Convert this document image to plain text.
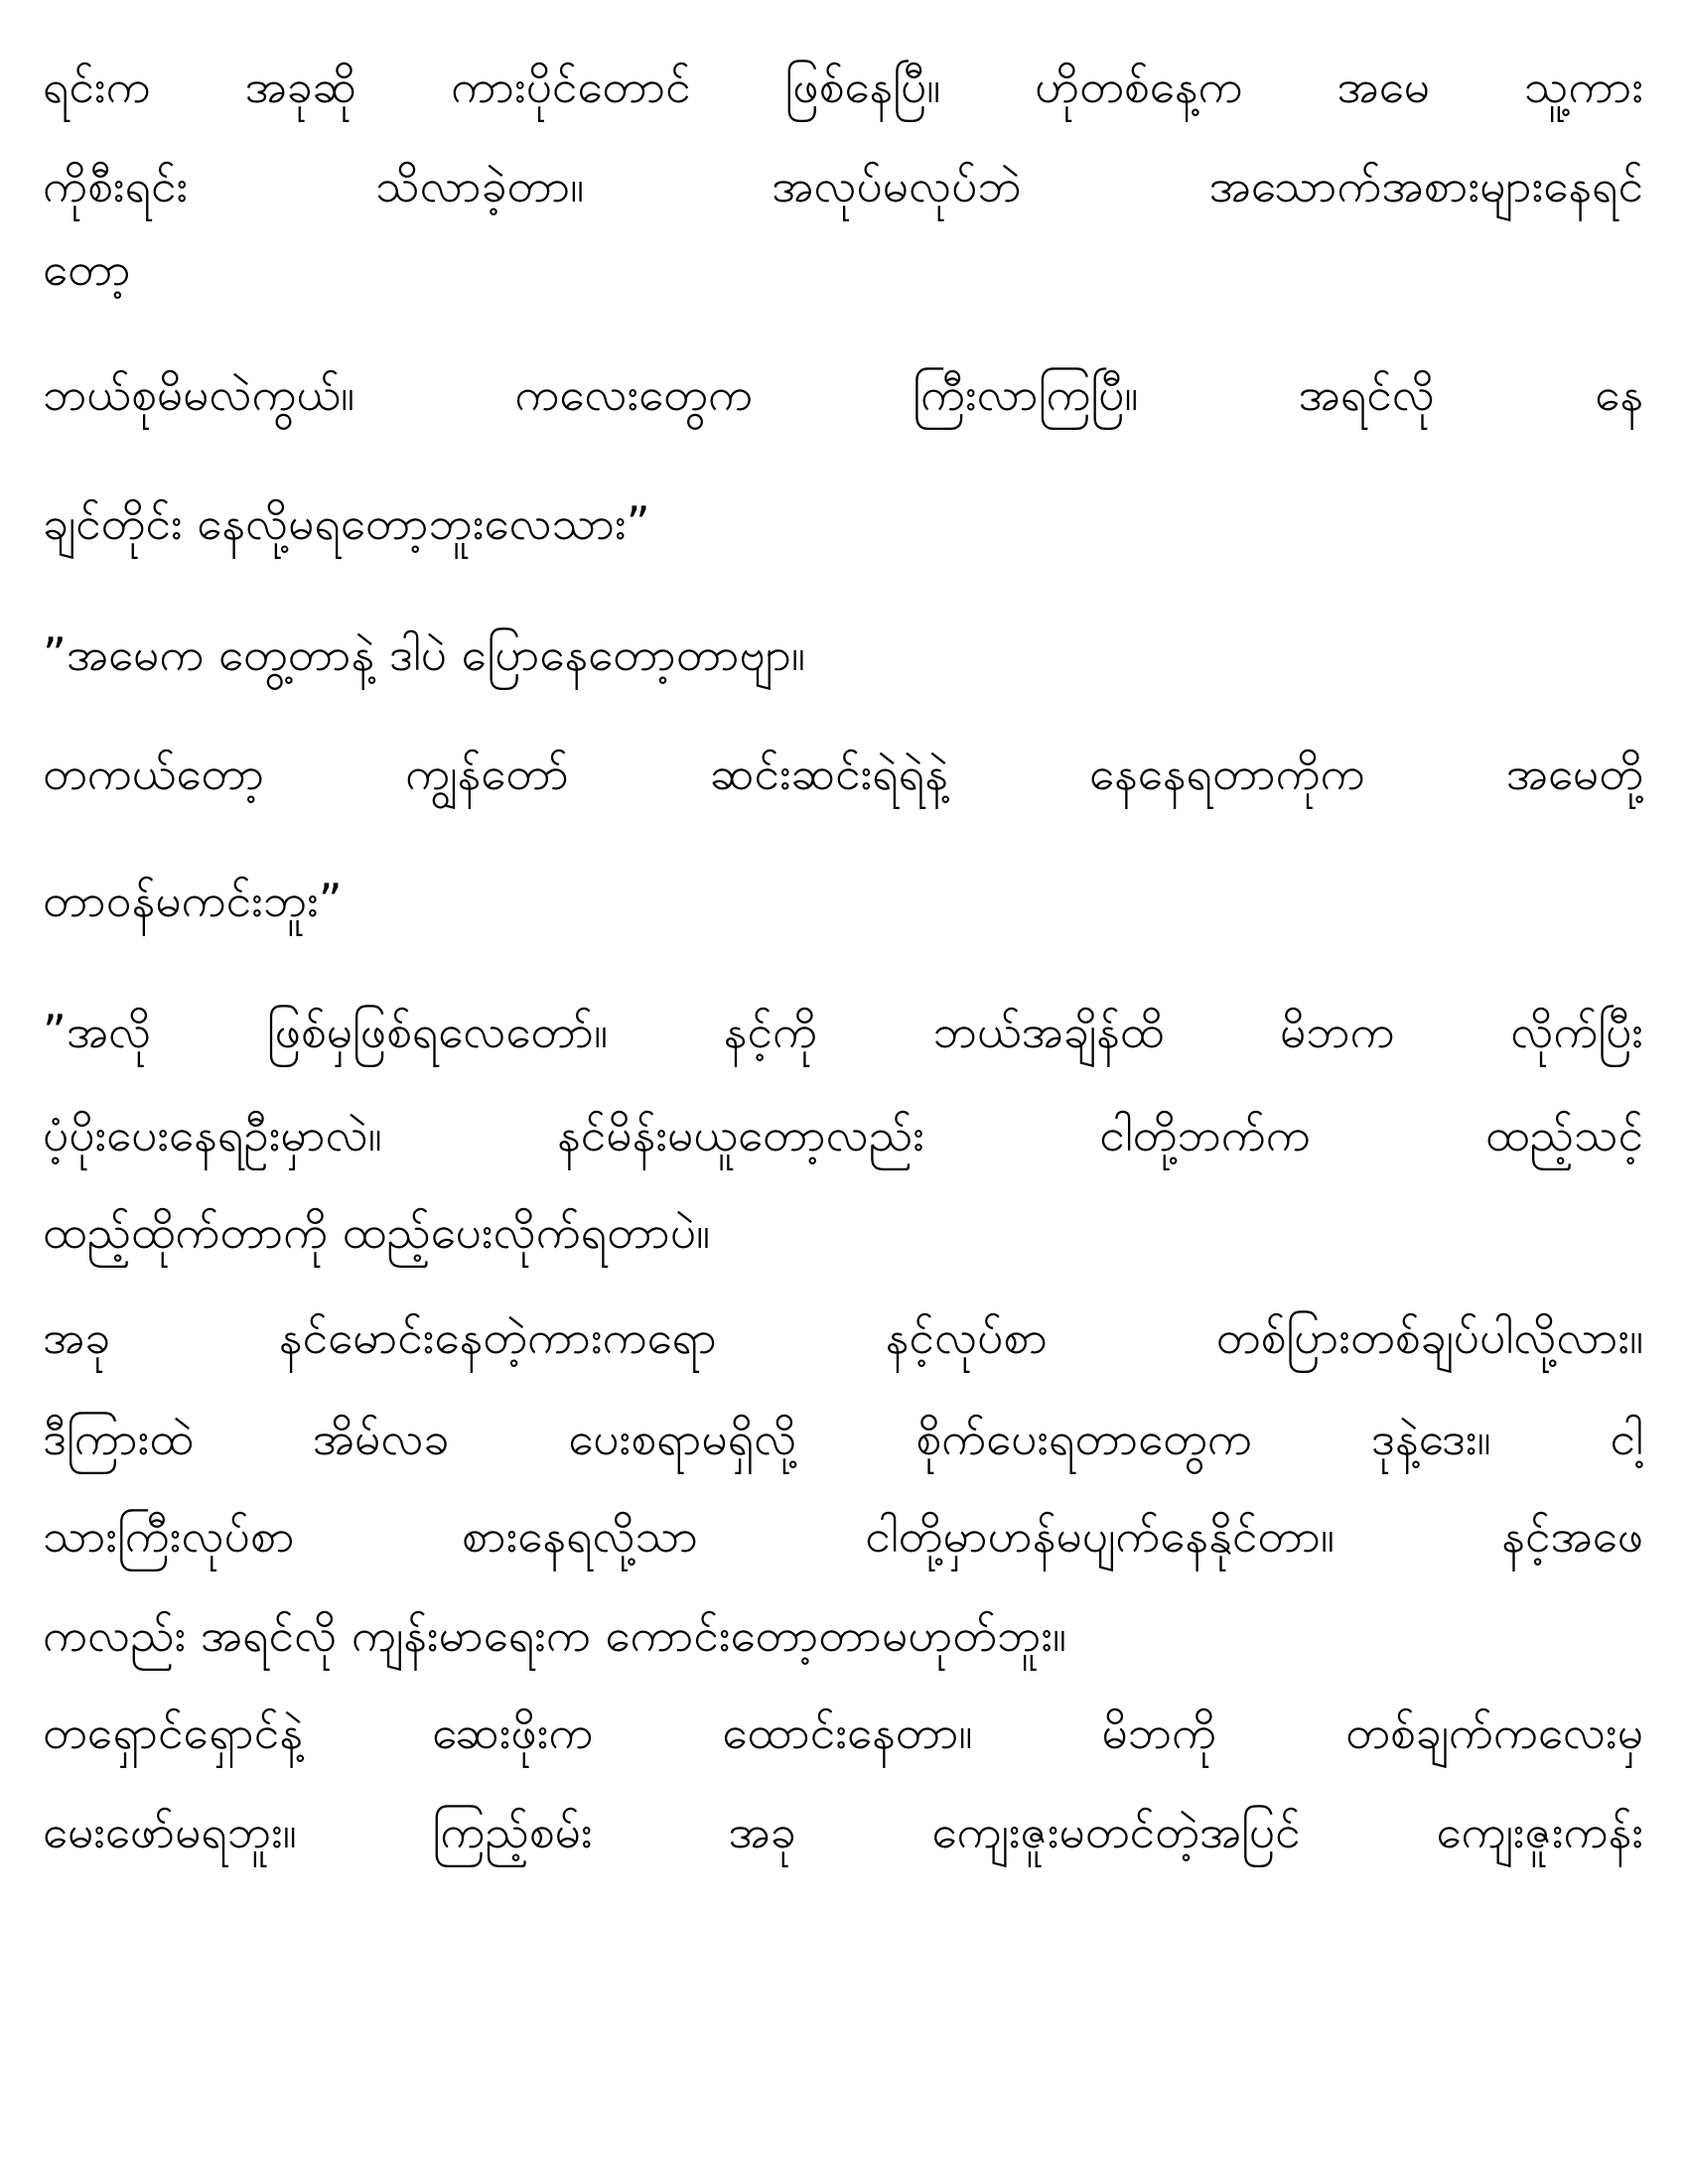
ရင်းက အခုဆို ကားပိုင်တောင် ဖြစ်နေပြီ။ ဟိုတစ်နေ့က အမေ သူ့ကား

ကိုစီးရင်း သိလာခဲ့တာ။ အလုပ်မလုပ်ဘဲ အသောက်အစားများနေရင်

တော့

ဘယ်စုမိမလဲကွယ်။ ကလေးတွေက ကြီးလာကြပြီ။ အရင်လို နေ

ချင်တိုင်း နေလို့မရတော့ဘူးလေသား”

”အမေက တွေ့တာနဲ့ ဒါပဲ ပြောနေတော့တာဗျာ။

တကယ်တော့ ကျွန်တော် ဆင်းဆင်းရဲရဲနဲ့ နေနေရတာကိုက အမေတို့

တာဝန်မကင်းဘူး”

”အလို ဖြစ်မှဖြစ်ရလေတော်။ နင့်ကို ဘယ်အချိန်ထိ မိဘက လိုက်ပြီး

ပံ့ပိုးပေးနေရဦးမှာလဲ။ နင်မိန်းမယူတော့လည်း ငါတို့ဘက်က ထည့်သင့်

ထည့်ထိုက်တာကို ထည့်ပေးလိုက်ရတာပဲ။

အခု နင်မောင်းနေတဲ့ကားကရော နင့်လုပ်စာ တစ်ပြားတစ်ချပ်ပါလို့လား။

ဒီကြားထဲ အိမ်လခ ပေးစရာမရှိလို့ စိုက်ပေးရတာတွေက ဒုနဲ့ဒေး။ ငါ့

သားကြီးလုပ်စာ စားနေရလို့သာ ငါတို့မှာဟန်မပျက်နေနိုင်တာ။ နင့်အဖေ

ကလည်း အရင်လို ကျန်းမာရေးက ကောင်းတော့တာမဟုတ်ဘူး။

တရှောင်ရှောင်နဲ့ ဆေးဖိုးက ထောင်းနေတာ။ မိဘကို တစ်ချက်ကလေးမှ

မေးဖော်မရဘူး။ ကြည့်စမ်း အခု ကျေးဇူးမတင်တဲ့အပြင် ကျေးဇူးကန်း
